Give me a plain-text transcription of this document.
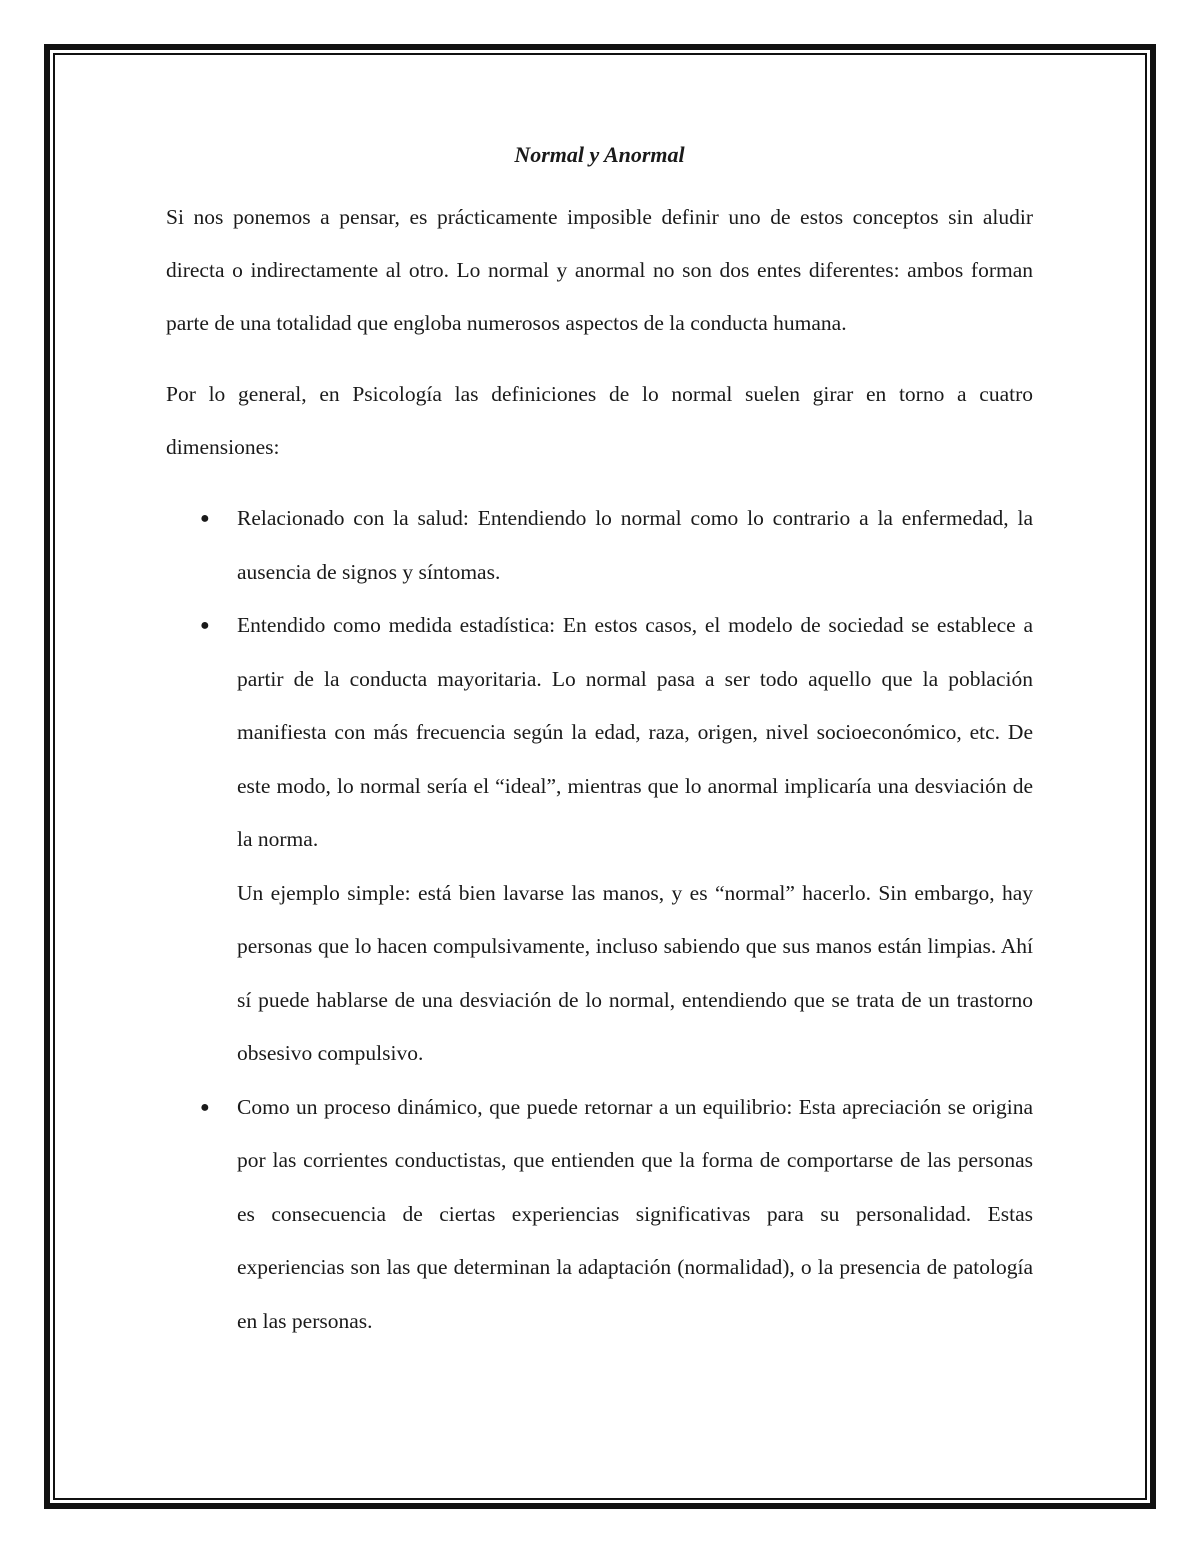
Normal y Anormal

Si nos ponemos a pensar, es prácticamente imposible definir uno de estos conceptos sin aludir directa o indirectamente al otro. Lo normal y anormal no son dos entes diferentes: ambos forman parte de una totalidad que engloba numerosos aspectos de la conducta humana.

Por lo general, en Psicología las definiciones de lo normal suelen girar en torno a cuatro dimensiones:

● Relacionado con la salud: Entendiendo lo normal como lo contrario a la enfermedad, la ausencia de signos y síntomas.
● Entendido como medida estadística: En estos casos, el modelo de sociedad se establece a partir de la conducta mayoritaria. Lo normal pasa a ser todo aquello que la población manifiesta con más frecuencia según la edad, raza, origen, nivel socioeconómico, etc. De este modo, lo normal sería el “ideal”, mientras que lo anormal implicaría una desviación de la norma.
Un ejemplo simple: está bien lavarse las manos, y es “normal” hacerlo. Sin embargo, hay personas que lo hacen compulsivamente, incluso sabiendo que sus manos están limpias. Ahí sí puede hablarse de una desviación de lo normal, entendiendo que se trata de un trastorno obsesivo compulsivo.
● Como un proceso dinámico, que puede retornar a un equilibrio: Esta apreciación se origina por las corrientes conductistas, que entienden que la forma de comportarse de las personas es consecuencia de ciertas experiencias significativas para su personalidad. Estas experiencias son las que determinan la adaptación (normalidad), o la presencia de patología en las personas.
